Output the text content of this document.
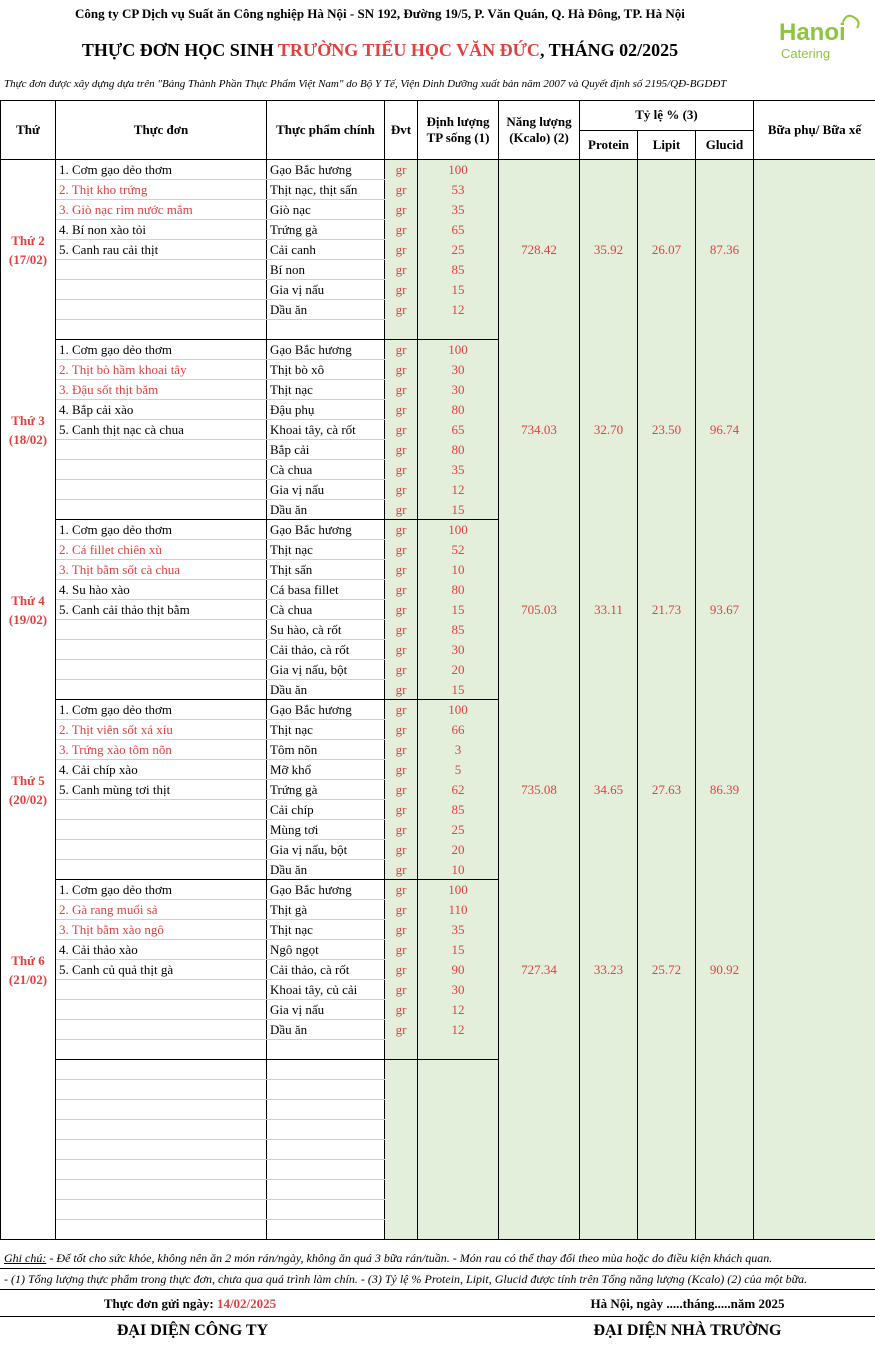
Công ty CP Dịch vụ Suất ăn Công nghiệp Hà Nội - SN 192, Đường 19/5, P. Văn Quán, Q. Hà Đông, TP. Hà Nội
THỰC ĐƠN HỌC SINH TRƯỜNG TIỂU HỌC VĂN ĐỨC, THÁNG 02/2025
Hanoi
Catering
Thực đơn được xây dựng dựa trên "Bảng Thành Phần Thực Phẩm Việt Nam" do Bộ Y Tế, Viện Dinh Dưỡng xuất bản năm 2007 và Quyết định số 2195/QĐ-BGDĐT
Thứ	Thực đơn	Thực phẩm chính	Đvt	Định lượng TP sống (1)	Năng lượng (Kcalo) (2)	Tỷ lệ % (3)			Bữa phụ/ Bữa xế
						Protein	Lipit	Glucid	

Thứ 2
(17/02)	1. Cơm gạo dẻo thơm	Gạo Bắc hương	gr	100	728.42	35.92	26.07	87.36	
	2. Thịt kho trứng	Thịt nạc, thịt sấn	gr	53					
	3. Giò nạc rim nước mắm	Giò nạc	gr	35					
	4. Bí non xào tỏi	Trứng gà	gr	65					
	5. Canh rau cải thịt	Cải canh	gr	25					
		Bí non	gr	85					
		Gia vị nấu	gr	15					
		Dầu ăn	gr	12					

Thứ 3
(18/02)	1. Cơm gạo dẻo thơm	Gạo Bắc hương	gr	100	734.03	32.70	23.50	96.74	
	2. Thịt bò hầm khoai tây	Thịt bò xô	gr	30					
	3. Đậu sốt thịt băm	Thịt nạc	gr	30					
	4. Bắp cải xào	Đậu phụ	gr	80					
	5. Canh thịt nạc cà chua	Khoai tây, cà rốt	gr	65					
		Bắp cải	gr	80					
		Cà chua	gr	35					
		Gia vị nấu	gr	12					
		Dầu ăn	gr	15					

Thứ 4
(19/02)	1. Cơm gạo dẻo thơm	Gạo Bắc hương	gr	100	705.03	33.11	21.73	93.67	
	2. Cá fillet chiên xù	Thịt nạc	gr	52					
	3. Thịt bằm sốt cà chua	Thịt sấn	gr	10					
	4. Su hào xào	Cá basa fillet	gr	80					
	5. Canh cải thảo thịt bằm	Cà chua	gr	15					
		Su hào, cà rốt	gr	85					
		Cải thảo, cà rốt	gr	30					
		Gia vị nấu, bột	gr	20					
		Dầu ăn	gr	15					

Thứ 5
(20/02)	1. Cơm gạo dẻo thơm	Gạo Bắc hương	gr	100	735.08	34.65	27.63	86.39	
	2. Thịt viên sốt xá xíu	Thịt nạc	gr	66					
	3. Trứng xào tôm nõn	Tôm nõn	gr	3					
	4. Cải chíp xào	Mỡ khổ	gr	5					
	5. Canh mùng tơi thịt	Trứng gà	gr	62					
		Cải chíp	gr	85					
		Mùng tơi	gr	25					
		Gia vị nấu, bột	gr	20					
		Dầu ăn	gr	10					

Thứ 6
(21/02)	1. Cơm gạo dẻo thơm	Gạo Bắc hương	gr	100	727.34	33.23	25.72	90.92	
	2. Gà rang muối sả	Thịt gà	gr	110					
	3. Thịt bằm xào ngô	Thịt nạc	gr	35					
	4. Cải thảo xào	Ngô ngọt	gr	15					
	5. Canh củ quả thịt gà	Cải thảo, cà rốt	gr	90					
		Khoai tây, củ cải	gr	30					
		Gia vị nấu	gr	12					
		Dầu ăn	gr	12					

Ghi chú: - Để tốt cho sức khỏe, không nên ăn 2 món rán/ngày, không ăn quá 3 bữa rán/tuần. - Món rau có thể thay đổi theo mùa hoặc do điều kiện khách quan.
- (1) Tổng lượng thực phẩm trong thực đơn, chưa qua quá trình làm chín. - (3) Tỷ lệ % Protein, Lipit, Glucid được tính trên Tổng năng lượng (Kcalo) (2) của một bữa.
Thực đơn gửi ngày: 14/02/2025	Hà Nội, ngày .....tháng.....năm 2025
ĐẠI DIỆN CÔNG TY	ĐẠI DIỆN NHÀ TRƯỜNG
